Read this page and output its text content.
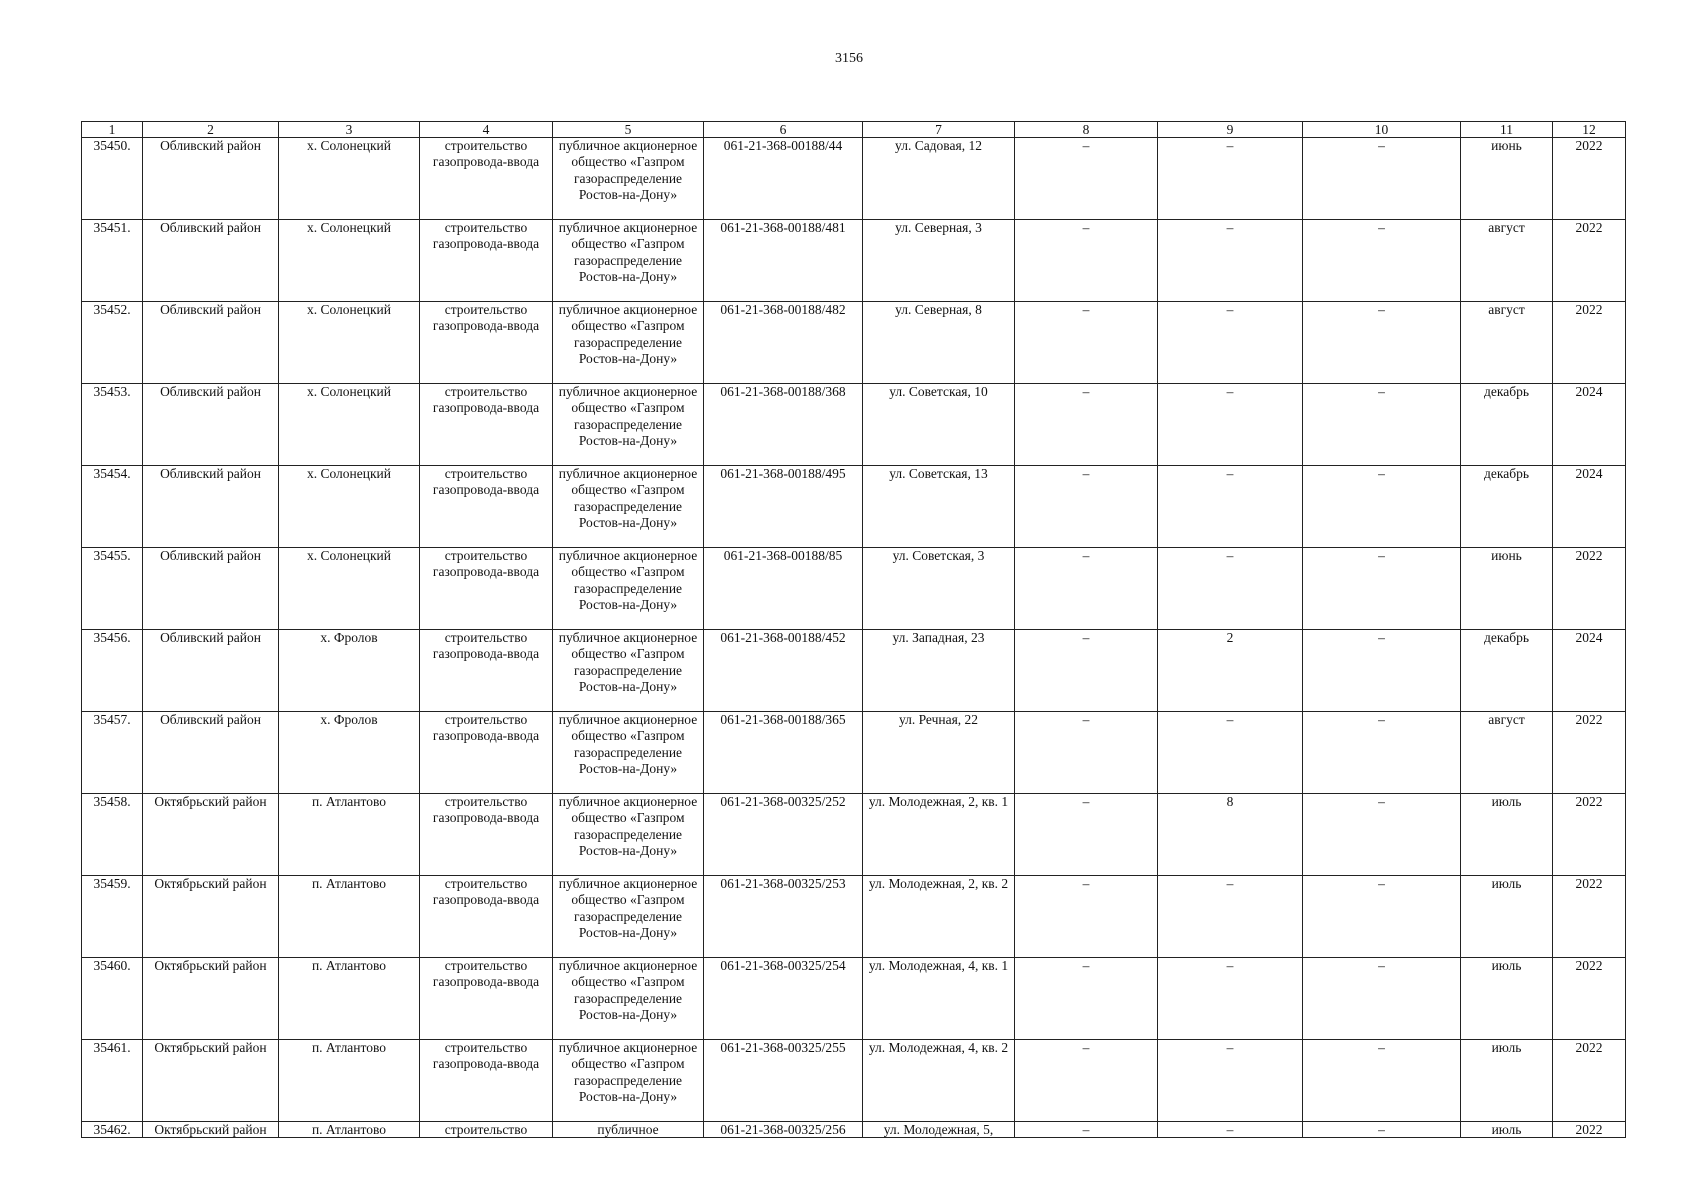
3156
1	2	3	4	5	6	7	8	9	10	11	12
35450.	Обливский район	х. Солонецкий	строительство газопровода-ввода	публичное акционерное общество «Газпром газораспределение Ростов-на-Дону»	061-21-368-00188/44	ул. Садовая, 12	–	–	–	июнь	2022
35451.	Обливский район	х. Солонецкий	строительство газопровода-ввода	публичное акционерное общество «Газпром газораспределение Ростов-на-Дону»	061-21-368-00188/481	ул. Северная, 3	–	–	–	август	2022
35452.	Обливский район	х. Солонецкий	строительство газопровода-ввода	публичное акционерное общество «Газпром газораспределение Ростов-на-Дону»	061-21-368-00188/482	ул. Северная, 8	–	–	–	август	2022
35453.	Обливский район	х. Солонецкий	строительство газопровода-ввода	публичное акционерное общество «Газпром газораспределение Ростов-на-Дону»	061-21-368-00188/368	ул. Советская, 10	–	–	–	декабрь	2024
35454.	Обливский район	х. Солонецкий	строительство газопровода-ввода	публичное акционерное общество «Газпром газораспределение Ростов-на-Дону»	061-21-368-00188/495	ул. Советская, 13	–	–	–	декабрь	2024
35455.	Обливский район	х. Солонецкий	строительство газопровода-ввода	публичное акционерное общество «Газпром газораспределение Ростов-на-Дону»	061-21-368-00188/85	ул. Советская, 3	–	–	–	июнь	2022
35456.	Обливский район	х. Фролов	строительство газопровода-ввода	публичное акционерное общество «Газпром газораспределение Ростов-на-Дону»	061-21-368-00188/452	ул. Западная, 23	–	2	–	декабрь	2024
35457.	Обливский район	х. Фролов	строительство газопровода-ввода	публичное акционерное общество «Газпром газораспределение Ростов-на-Дону»	061-21-368-00188/365	ул. Речная, 22	–	–	–	август	2022
35458.	Октябрьский район	п. Атлантово	строительство газопровода-ввода	публичное акционерное общество «Газпром газораспределение Ростов-на-Дону»	061-21-368-00325/252	ул. Молодежная, 2, кв. 1	–	8	–	июль	2022
35459.	Октябрьский район	п. Атлантово	строительство газопровода-ввода	публичное акционерное общество «Газпром газораспределение Ростов-на-Дону»	061-21-368-00325/253	ул. Молодежная, 2, кв. 2	–	–	–	июль	2022
35460.	Октябрьский район	п. Атлантово	строительство газопровода-ввода	публичное акционерное общество «Газпром газораспределение Ростов-на-Дону»	061-21-368-00325/254	ул. Молодежная, 4, кв. 1	–	–	–	июль	2022
35461.	Октябрьский район	п. Атлантово	строительство газопровода-ввода	публичное акционерное общество «Газпром газораспределение Ростов-на-Дону»	061-21-368-00325/255	ул. Молодежная, 4, кв. 2	–	–	–	июль	2022
35462.	Октябрьский район	п. Атлантово	строительство	публичное	061-21-368-00325/256	ул. Молодежная, 5,	–	–	–	июль	2022
